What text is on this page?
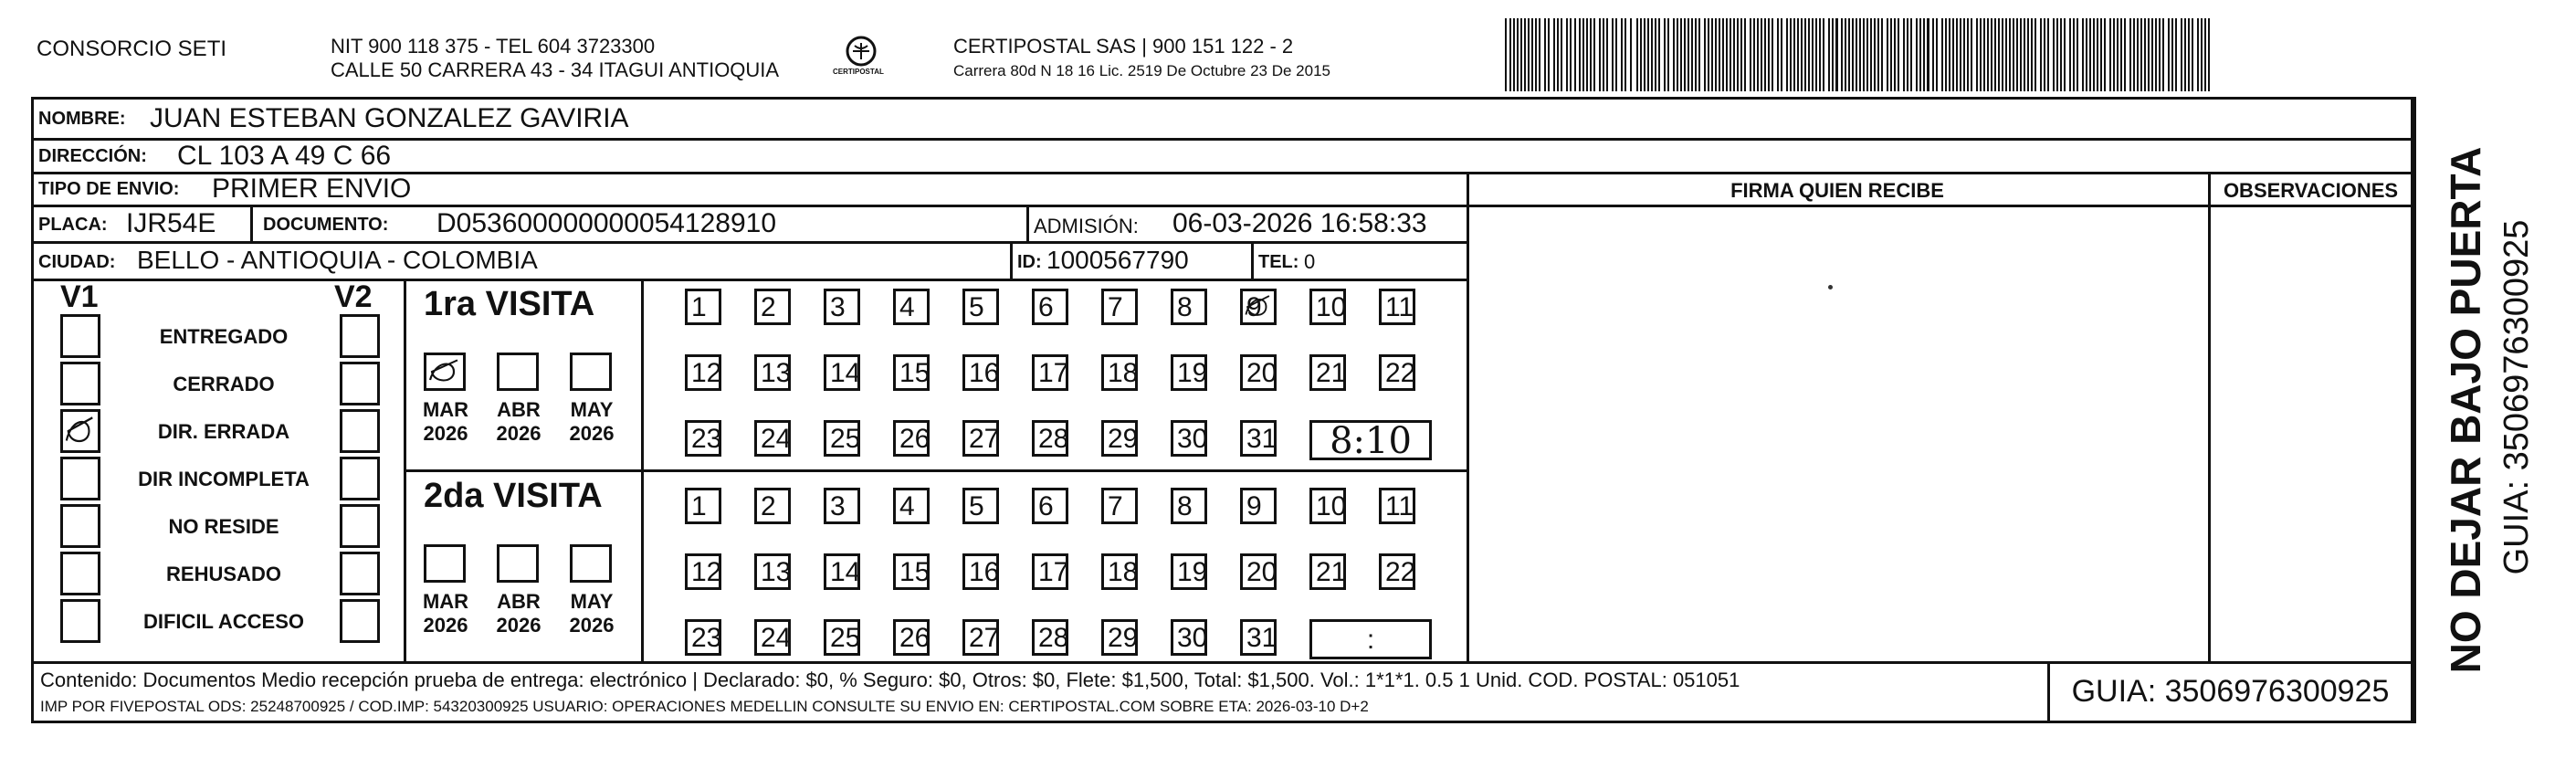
CONSORCIO SETI	NIT 900 118 375 - TEL 604 3723300
CALLE 50 CARRERA 43 - 34 ITAGUI ANTIOQUIA	CERTIPOSTAL
CERTIPOSTAL SAS | 900 151 122 - 2
Carrera 80d N 18 16 Lic. 2519 De Octubre 23 De 2015
NOMBRE: JUAN ESTEBAN GONZALEZ GAVIRIA
DIRECCIÓN: CL 103 A 49 C 66
TIPO DE ENVIO: PRIMER ENVIO	FIRMA QUIEN RECIBE	OBSERVACIONES
PLACA: IJR54E	DOCUMENTO: D053600000000054128910	ADMISIÓN: 06-03-2026 16:58:33
CIUDAD: BELLO - ANTIOQUIA - COLOMBIA	ID: 1000567790	TEL: 0
V1	V2
ENTREGADO
CERRADO
DIR. ERRADA
DIR INCOMPLETA
NO RESIDE
REHUSADO
DIFICIL ACCESO
1ra VISITA
MAR
2026
ABR
2026
MAY
2026
1	2	3	4	5	6	7	8	9	10 11
12 13 14 15 16 17 18 19 20 21 22
23 24 25 26 27 28 29 30 31	8:10
2da VISITA
MAR
2026
ABR
2026
MAY
2026
1	2	3	4	5	6	7	8	9	10 11
12 13 14 15 16 17 18 19 20 21 22
23 24 25 26 27 28 29 30 31	:
Contenido: Documentos Medio recepción prueba de entrega: electrónico | Declarado: $0, % Seguro: $0, Otros: $0, Flete: $1,500, Total: $1,500. Vol.: 1*1*1. 0.5 1 Unid. COD. POSTAL: 051051
IMP POR FIVEPOSTAL ODS: 25248700925 / COD.IMP: 54320300925 USUARIO: OPERACIONES MEDELLIN CONSULTE SU ENVIO EN: CERTIPOSTAL.COM SOBRE ETA: 2026-03-10 D+2	GUIA: 3506976300925
NO DEJAR BAJO PUERTA GUIA: 3506976300925
